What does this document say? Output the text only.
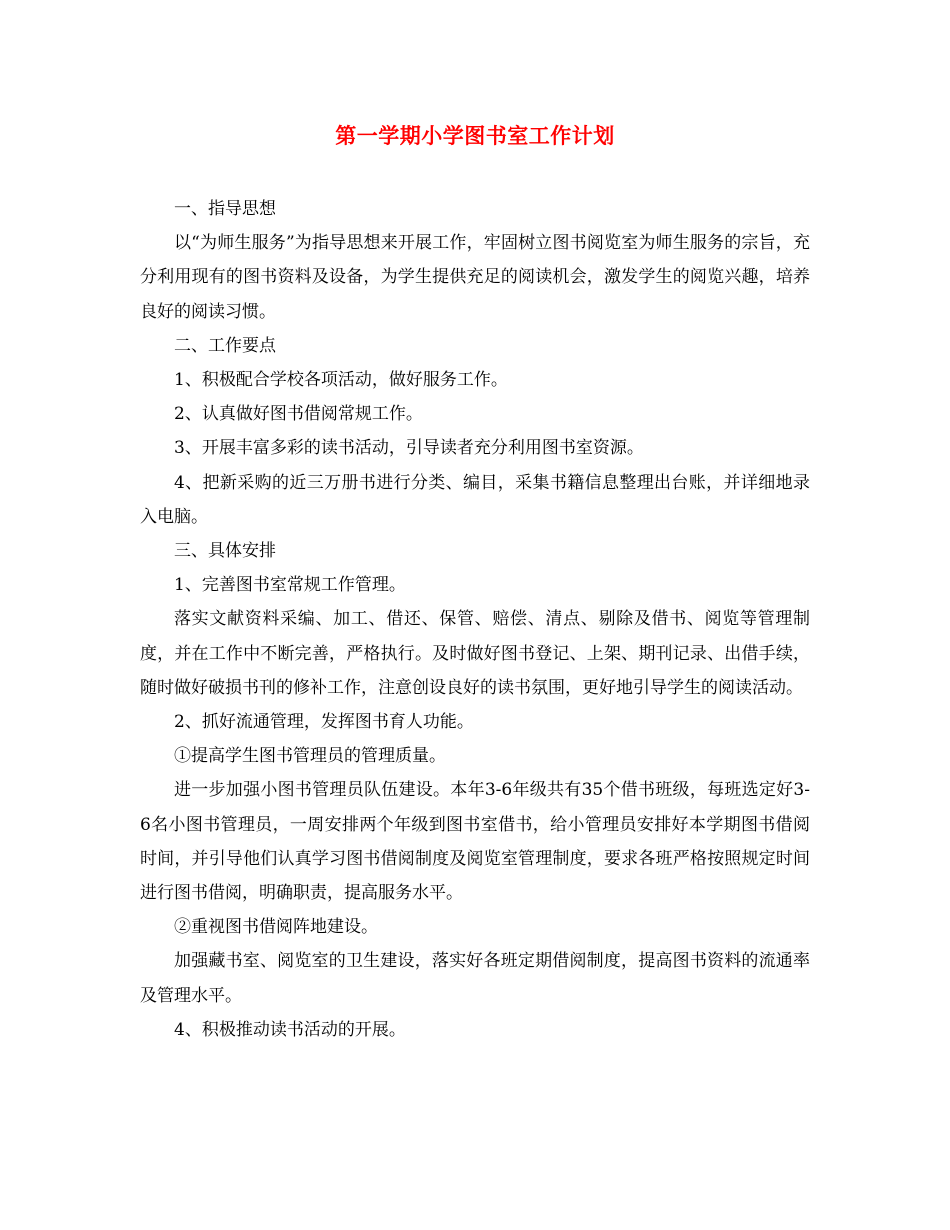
第一学期小学图书室工作计划

一、指导思想

以“为师生服务”为指导思想来开展工作，牢固树立图书阅览室为师生服务的宗旨，充分利用现有的图书资料及设备，为学生提供充足的阅读机会，激发学生的阅览兴趣，培养良好的阅读习惯。

二、工作要点

1、积极配合学校各项活动，做好服务工作。

2、认真做好图书借阅常规工作。

3、开展丰富多彩的读书活动，引导读者充分利用图书室资源。

4、把新采购的近三万册书进行分类、编目，采集书籍信息整理出台账，并详细地录入电脑。

三、具体安排

1、完善图书室常规工作管理。

落实文献资料采编、加工、借还、保管、赔偿、清点、剔除及借书、阅览等管理制度，并在工作中不断完善，严格执行。及时做好图书登记、上架、期刊记录、出借手续，随时做好破损书刊的修补工作，注意创设良好的读书氛围，更好地引导学生的阅读活动。

2、抓好流通管理，发挥图书育人功能。

①提高学生图书管理员的管理质量。

进一步加强小图书管理员队伍建设。本年3-6年级共有35个借书班级，每班选定好3-6名小图书管理员，一周安排两个年级到图书室借书，给小管理员安排好本学期图书借阅时间，并引导他们认真学习图书借阅制度及阅览室管理制度，要求各班严格按照规定时间进行图书借阅，明确职责，提高服务水平。

②重视图书借阅阵地建设。

加强藏书室、阅览室的卫生建设，落实好各班定期借阅制度，提高图书资料的流通率及管理水平。

4、积极推动读书活动的开展。
